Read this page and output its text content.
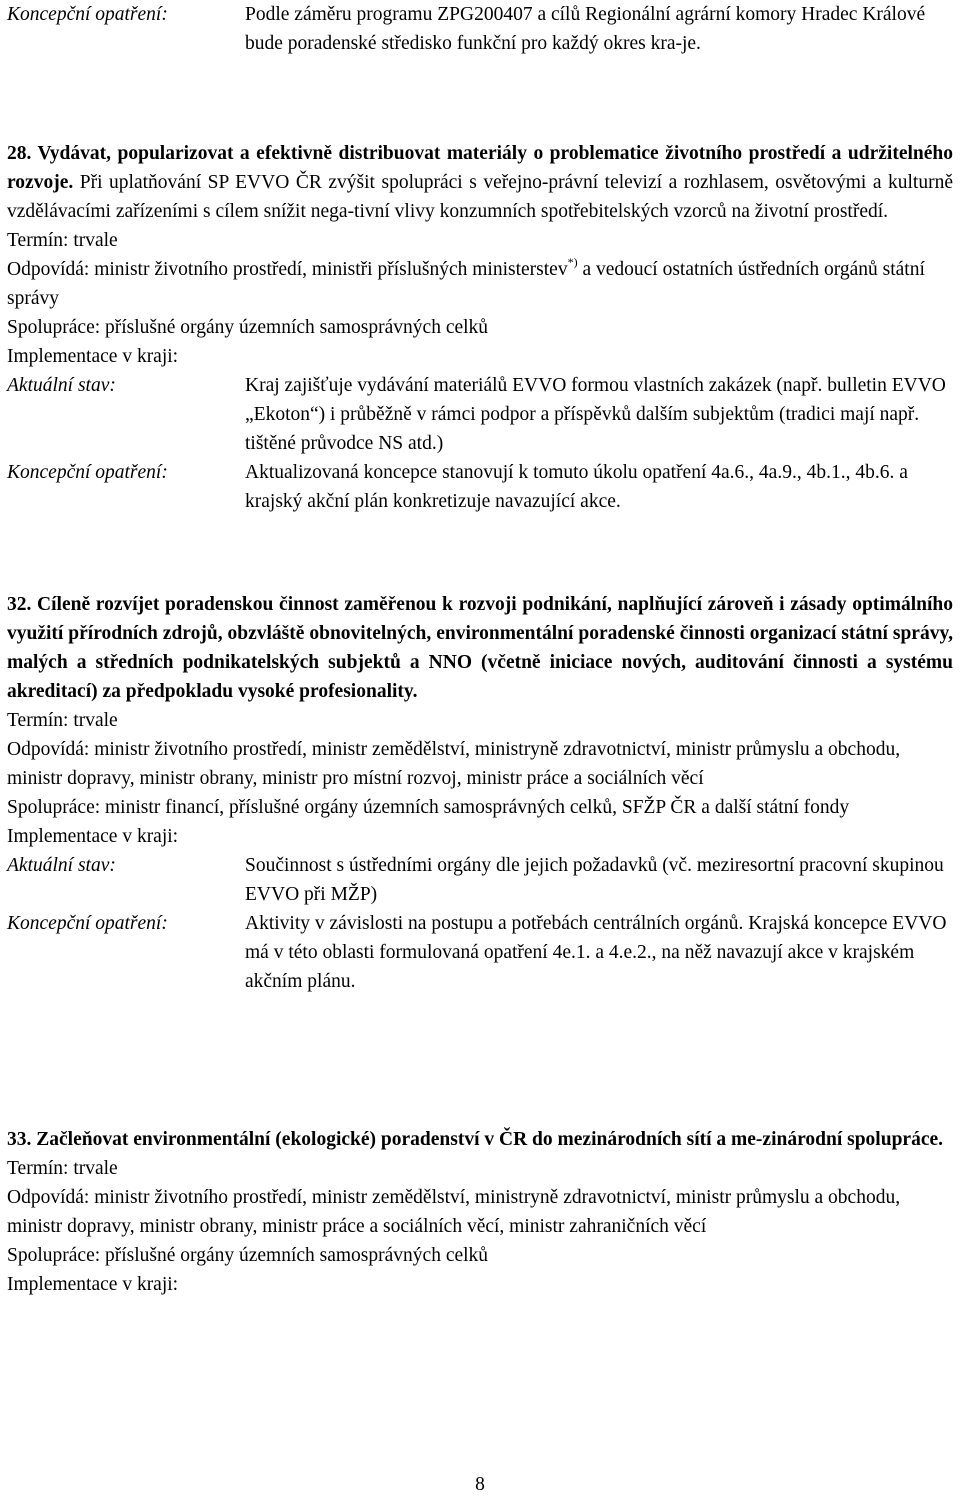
Koncepční opatření:	Podle záměru programu ZPG200407 a cílů Regionální agrární komory Hradec Králové bude poradenské středisko funkční pro každý okres kra-je.
28. Vydávat, popularizovat a efektivně distribuovat materiály o problematice životního prostředí a udržitelného rozvoje. Při uplatňování SP EVVO ČR zvýšit spolupráci s veřejno-právní televizí a rozhlasem, osvětovými a kulturně vzdělávacími zařízeními s cílem snížit nega-tivní vlivy konzumních spotřebitelských vzorců na životní prostředí.
Termín: trvale
Odpovídá: ministr životního prostředí, ministři příslušných ministerstev*) a vedoucí ostatních ústředních orgánů státní správy
Spolupráce: příslušné orgány územních samosprávných celků
Implementace v kraji:
Aktuální stav:	Kraj zajišťuje vydávání materiálů EVVO formou vlastních zakázek (např. bulletin EVVO „Ekoton“) i průběžně v rámci podpor a příspěvků dalším subjektům (tradici mají např. tištěné průvodce NS atd.)
Koncepční opatření:	Aktualizovaná koncepce stanovují k tomuto úkolu opatření 4a.6., 4a.9., 4b.1., 4b.6. a krajský akční plán konkretizuje navazující akce.
32. Cíleně rozvíjet poradenskou činnost zaměřenou k rozvoji podnikání, naplňující zároveň i zásady optimálního využití přírodních zdrojů, obzvláště obnovitelných, environmentální poradenské činnosti organizací státní správy, malých a středních podnikatelských subjektů a NNO (včetně iniciace nových, auditování činnosti a systému akreditací) za předpokladu vysoké profesionality.
Termín: trvale
Odpovídá: ministr životního prostředí, ministr zemědělství, ministryně zdravotnictví, ministr průmyslu a obchodu, ministr dopravy, ministr obrany, ministr pro místní rozvoj, ministr práce a sociálních věcí
Spolupráce: ministr financí, příslušné orgány územních samosprávných celků, SFŽP ČR a další státní fondy
Implementace v kraji:
Aktuální stav:	Součinnost s ústředními orgány dle jejich požadavků (vč. meziresortní pracovní skupinou EVVO při MŽP)
Koncepční opatření:	Aktivity v závislosti na postupu a potřebách centrálních orgánů. Krajská koncepce EVVO má v této oblasti formulovaná opatření 4e.1. a 4.e.2., na něž navazují akce v krajském akčním plánu.
33. Začleňovat environmentální (ekologické) poradenství v ČR do mezinárodních sítí a me-zinárodní spolupráce.
Termín: trvale
Odpovídá: ministr životního prostředí, ministr zemědělství, ministryně zdravotnictví, ministr průmyslu a obchodu, ministr dopravy, ministr obrany, ministr práce a sociálních věcí, ministr zahraničních věcí
Spolupráce: příslušné orgány územních samosprávných celků
Implementace v kraji:
8
